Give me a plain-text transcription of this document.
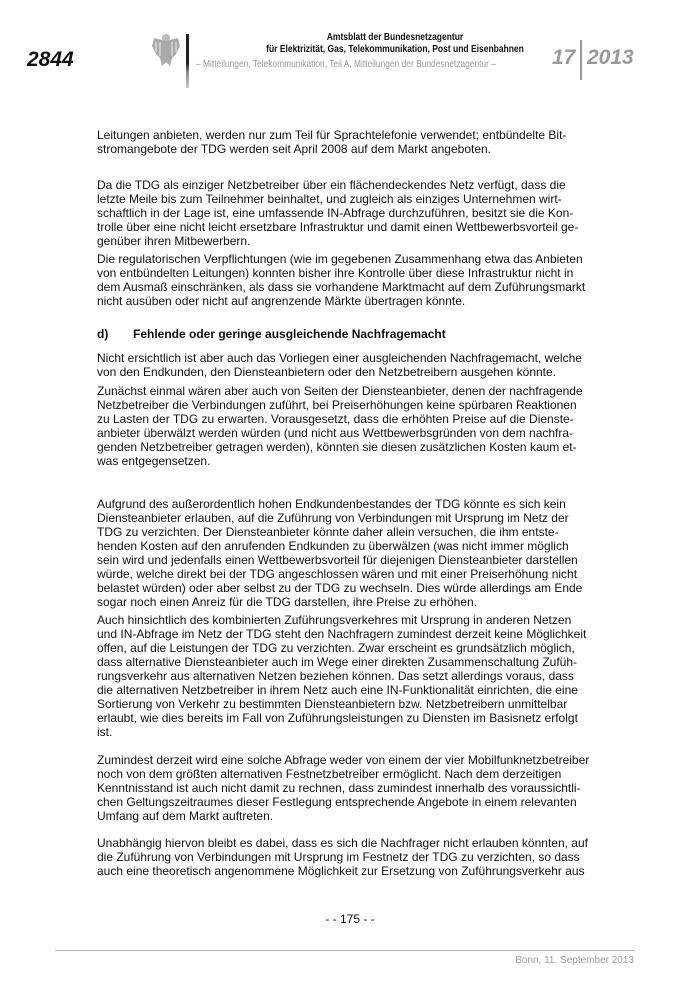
2844
Amtsblatt der Bundesnetzagentur
für Elektrizität, Gas, Telekommunikation, Post und Eisenbahnen
– Mitteilungen, Telekommunikation, Teil A, Mitteilungen der Bundesnetzagentur –	17 2013
Leitungen anbieten, werden nur zum Teil für Sprachtelefonie verwendet; entbündelte Bit-
stromangebote der TDG werden seit April 2008 auf dem Markt angeboten.
Da die TDG als einziger Netzbetreiber über ein flächendeckendes Netz verfügt, dass die
letzte Meile bis zum Teilnehmer beinhaltet, und zugleich als einziges Unternehmen wirt-
schaftlich in der Lage ist, eine umfassende IN-Abfrage durchzuführen, besitzt sie die Kon-
trolle über eine nicht leicht ersetzbare Infrastruktur und damit einen Wettbewerbsvorteil ge-
genüber ihren Mitbewerbern.
Die regulatorischen Verpflichtungen (wie im gegebenen Zusammenhang etwa das Anbieten
von entbündelten Leitungen) konnten bisher ihre Kontrolle über diese Infrastruktur nicht in
dem Ausmaß einschränken, als dass sie vorhandene Marktmacht auf dem Zuführungsmarkt
nicht ausüben oder nicht auf angrenzende Märkte übertragen könnte.
d) Fehlende oder geringe ausgleichende Nachfragemacht
Nicht ersichtlich ist aber auch das Vorliegen einer ausgleichenden Nachfragemacht, welche
von den Endkunden, den Diensteanbietern oder den Netzbetreibern ausgehen könnte.
Zunächst einmal wären aber auch von Seiten der Diensteanbieter, denen der nachfragende
Netzbetreiber die Verbindungen zuführt, bei Preiserhöhungen keine spürbaren Reaktionen
zu Lasten der TDG zu erwarten. Vorausgesetzt, dass die erhöhten Preise auf die Dienste-
anbieter überwälzt werden würden (und nicht aus Wettbewerbsgründen von dem nachfra-
genden Netzbetreiber getragen werden), könnten sie diesen zusätzlichen Kosten kaum et-
was entgegensetzen.
Aufgrund des außerordentlich hohen Endkundenbestandes der TDG könnte es sich kein
Diensteanbieter erlauben, auf die Zuführung von Verbindungen mit Ursprung im Netz der
TDG zu verzichten. Der Diensteanbieter könnte daher allein versuchen, die ihm entste-
henden Kosten auf den anrufenden Endkunden zu überwälzen (was nicht immer möglich
sein wird und jedenfalls einen Wettbewerbsvorteil für diejenigen Diensteanbieter darstellen
würde, welche direkt bei der TDG angeschlossen wären und mit einer Preiserhöhung nicht
belastet würden) oder aber selbst zu der TDG zu wechseln. Dies würde allerdings am Ende
sogar noch einen Anreiz für die TDG darstellen, ihre Preise zu erhöhen.
Auch hinsichtlich des kombinierten Zuführungsverkehres mit Ursprung in anderen Netzen
und IN-Abfrage im Netz der TDG steht den Nachfragern zumindest derzeit keine Möglichkeit
offen, auf die Leistungen der TDG zu verzichten. Zwar erscheint es grundsätzlich möglich,
dass alternative Diensteanbieter auch im Wege einer direkten Zusammenschaltung Zufüh-
rungsverkehr aus alternativen Netzen beziehen können. Das setzt allerdings voraus, dass
die alternativen Netzbetreiber in ihrem Netz auch eine IN-Funktionalität einrichten, die eine
Sortierung von Verkehr zu bestimmten Diensteanbietern bzw. Netzbetreibern unmittelbar
erlaubt, wie dies bereits im Fall von Zuführungsleistungen zu Diensten im Basisnetz erfolgt
ist.
Zumindest derzeit wird eine solche Abfrage weder von einem der vier Mobilfunknetzbetreiber
noch von dem größten alternativen Festnetzbetreiber ermöglicht. Nach dem derzeitigen
Kenntnisstand ist auch nicht damit zu rechnen, dass zumindest innerhalb des voraussichtli-
chen Geltungszeitraumes dieser Festlegung entsprechende Angebote in einem relevanten
Umfang auf dem Markt auftreten.
Unabhängig hiervon bleibt es dabei, dass es sich die Nachfrager nicht erlauben könnten, auf
die Zuführung von Verbindungen mit Ursprung im Festnetz der TDG zu verzichten, so dass
auch eine theoretisch angenommene Möglichkeit zur Ersetzung von Zuführungsverkehr aus
- - 175 - -
Bonn, 11. September 2013
